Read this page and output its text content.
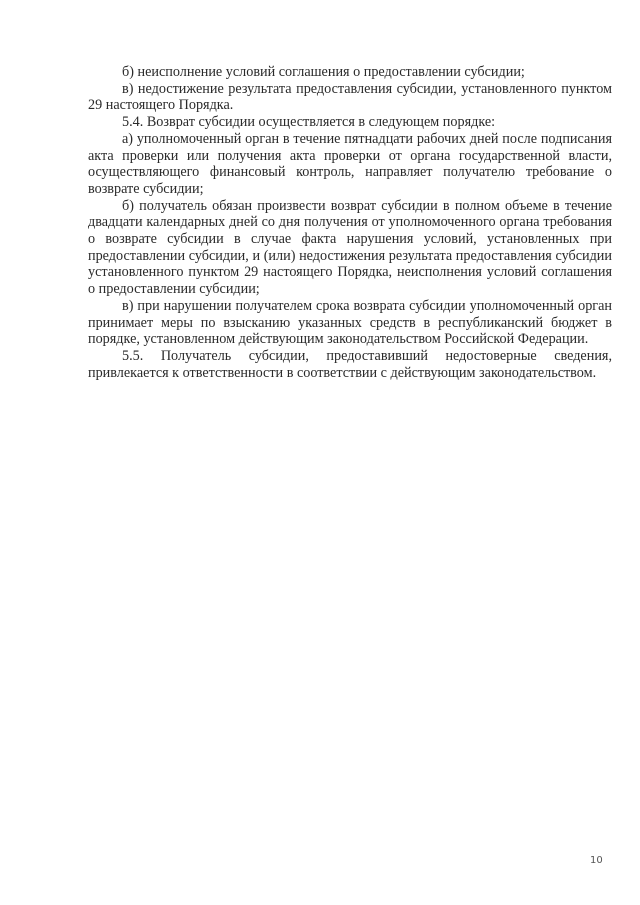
б) неисполнение условий соглашения о предоставлении субсидии;

в) недостижение результата предоставления субсидии, установленного пунктом 29 настоящего Порядка.

5.4. Возврат субсидии осуществляется в следующем порядке:

а) уполномоченный орган в течение пятнадцати рабочих дней после подписания акта проверки или получения акта проверки от органа государственной власти, осуществляющего финансовый контроль, направляет получателю требование о возврате субсидии;

б) получатель обязан произвести возврат субсидии в полном объеме в течение двадцати календарных дней со дня получения от уполномоченного органа требования о возврате субсидии в случае факта нарушения условий, установленных при предоставлении субсидии, и (или) недостижения результата предоставления субсидии установленного пунктом 29 настоящего Порядка, неисполнения условий соглашения о предоставлении субсидии;

в) при нарушении получателем срока возврата субсидии уполномоченный орган принимает меры по взысканию указанных средств в республиканский бюджет в порядке, установленном действующим законодательством Российской Федерации.

5.5. Получатель субсидии, предоставивший недостоверные сведения, привлекается к ответственности в соответствии с действующим законодательством.

10
